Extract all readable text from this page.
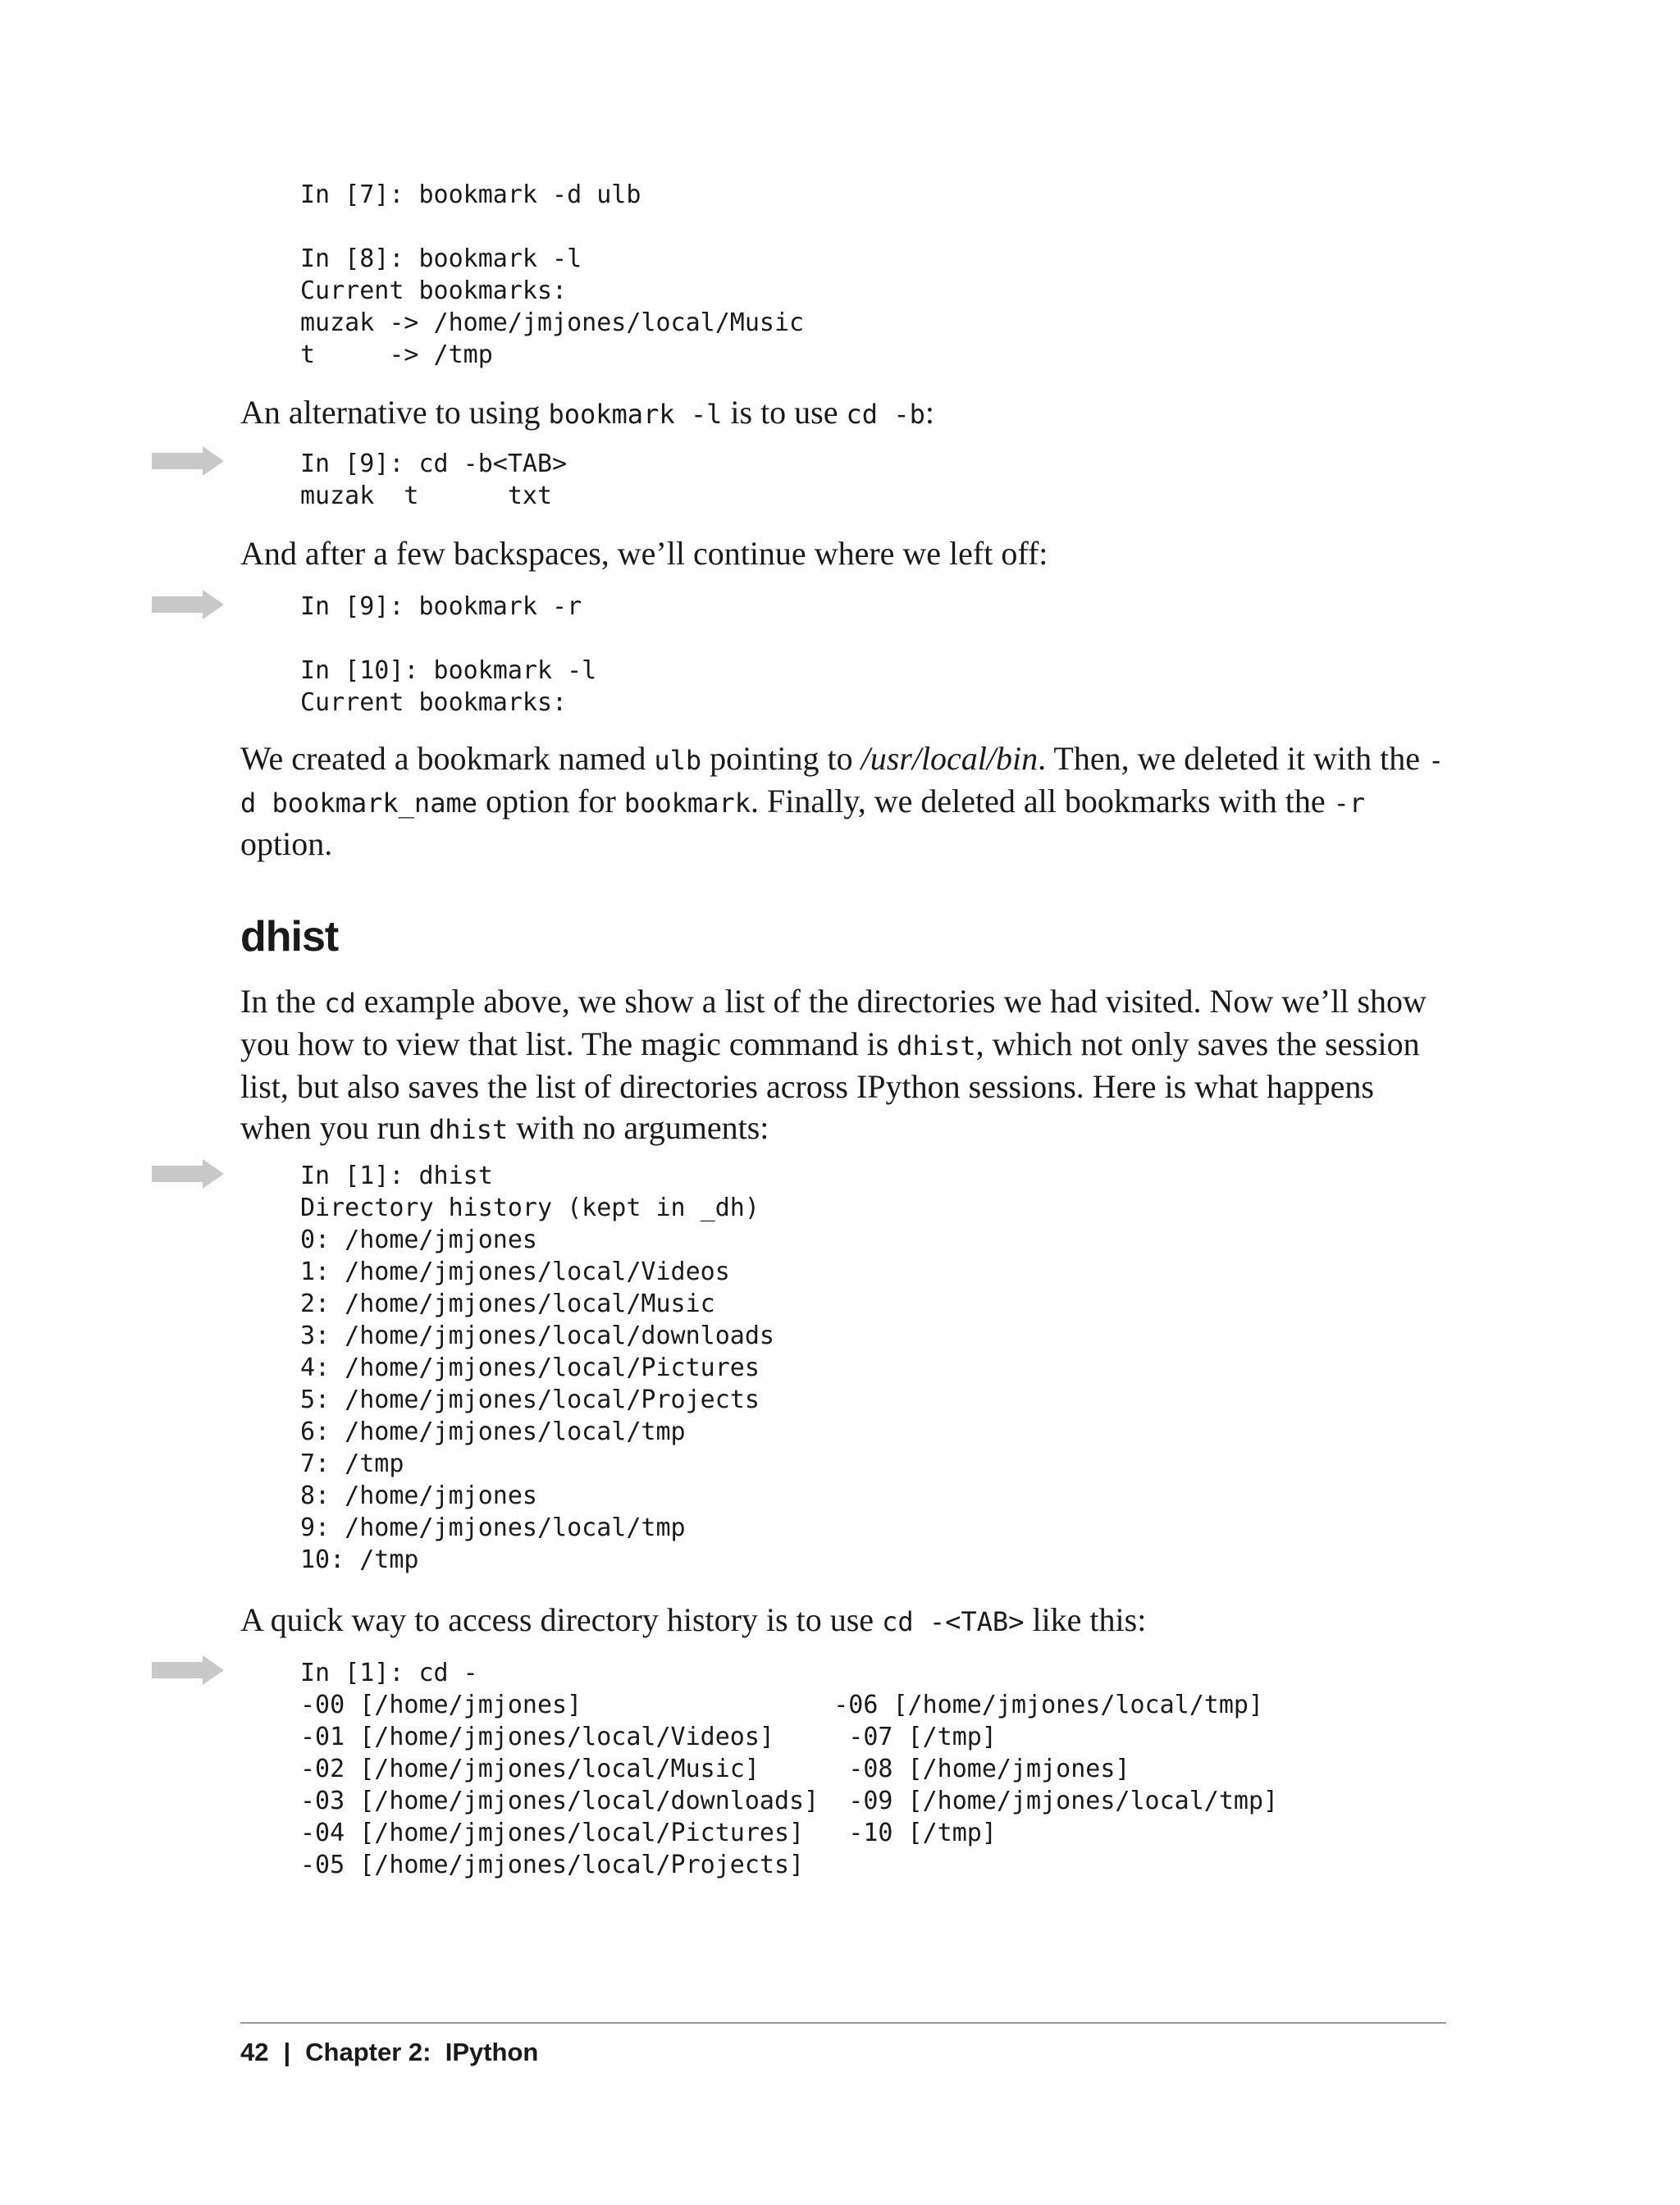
In [7]: bookmark -d ulb

In [8]: bookmark -l
Current bookmarks:
muzak -> /home/jmjones/local/Music
t     -> /tmp

An alternative to using bookmark -l is to use cd -b:

In [9]: cd -b<TAB>
muzak  t      txt

And after a few backspaces, we’ll continue where we left off:

In [9]: bookmark -r

In [10]: bookmark -l
Current bookmarks:

We created a bookmark named ulb pointing to /usr/local/bin. Then, we deleted it with the -d bookmark_name option for bookmark. Finally, we deleted all bookmarks with the -r option.

dhist

In the cd example above, we show a list of the directories we had visited. Now we’ll show you how to view that list. The magic command is dhist, which not only saves the session list, but also saves the list of directories across IPython sessions. Here is what happens when you run dhist with no arguments:

In [1]: dhist
Directory history (kept in _dh)
0: /home/jmjones
1: /home/jmjones/local/Videos
2: /home/jmjones/local/Music
3: /home/jmjones/local/downloads
4: /home/jmjones/local/Pictures
5: /home/jmjones/local/Projects
6: /home/jmjones/local/tmp
7: /tmp
8: /home/jmjones
9: /home/jmjones/local/tmp
10: /tmp

A quick way to access directory history is to use cd -<TAB> like this:

In [1]: cd -
-00 [/home/jmjones]                 -06 [/home/jmjones/local/tmp]
-01 [/home/jmjones/local/Videos]     -07 [/tmp]
-02 [/home/jmjones/local/Music]      -08 [/home/jmjones]
-03 [/home/jmjones/local/downloads]  -09 [/home/jmjones/local/tmp]
-04 [/home/jmjones/local/Pictures]   -10 [/tmp]
-05 [/home/jmjones/local/Projects]
42 | Chapter 2:  IPython
